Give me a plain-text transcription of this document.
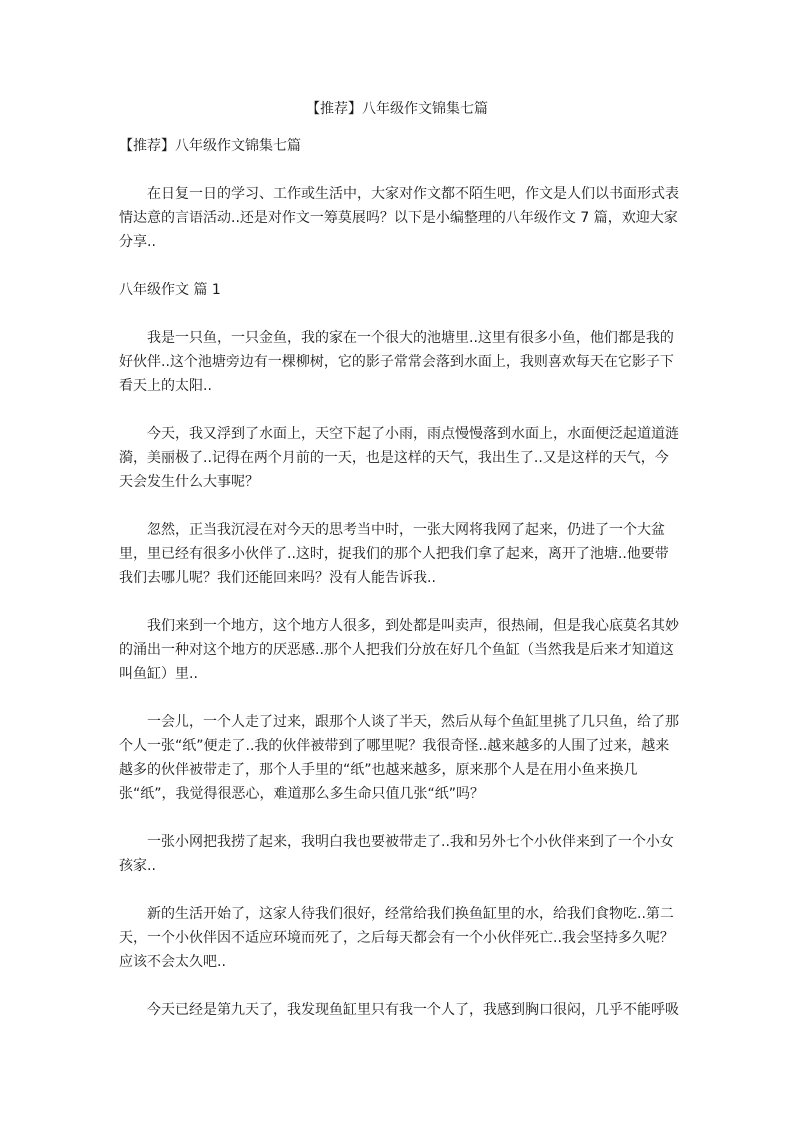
【推荐】八年级作文锦集七篇

【推荐】八年级作文锦集七篇

在日复一日的学习、工作或生活中，大家对作文都不陌生吧，作文是人们以书面形式表情达意的言语活动..还是对作文一筹莫展吗？以下是小编整理的八年级作文 7 篇，欢迎大家分享..

八年级作文 篇 1

我是一只鱼，一只金鱼，我的家在一个很大的池塘里..这里有很多小鱼，他们都是我的好伙伴..这个池塘旁边有一棵柳树，它的影子常常会落到水面上，我则喜欢每天在它影子下看天上的太阳..

今天，我又浮到了水面上，天空下起了小雨，雨点慢慢落到水面上，水面便泛起道道涟漪，美丽极了..记得在两个月前的一天，也是这样的天气，我出生了..又是这样的天气，今天会发生什么大事呢？

忽然，正当我沉浸在对今天的思考当中时，一张大网将我网了起来，仍进了一个大盆里，里已经有很多小伙伴了..这时，捉我们的那个人把我们拿了起来，离开了池塘..他要带我们去哪儿呢？我们还能回来吗？没有人能告诉我..

我们来到一个地方，这个地方人很多，到处都是叫卖声，很热闹，但是我心底莫名其妙的涌出一种对这个地方的厌恶感..那个人把我们分放在好几个鱼缸（当然我是后来才知道这叫鱼缸）里..

一会儿，一个人走了过来，跟那个人谈了半天，然后从每个鱼缸里挑了几只鱼，给了那个人一张“纸”便走了..我的伙伴被带到了哪里呢？我很奇怪..越来越多的人围了过来，越来越多的伙伴被带走了，那个人手里的“纸”也越来越多，原来那个人是在用小鱼来换几张“纸”，我觉得很恶心，难道那么多生命只值几张“纸”吗？

一张小网把我捞了起来，我明白我也要被带走了..我和另外七个小伙伴来到了一个小女孩家..

新的生活开始了，这家人待我们很好，经常给我们换鱼缸里的水，给我们食物吃..第二天，一个小伙伴因不适应环境而死了，之后每天都会有一个小伙伴死亡..我会坚持多久呢？应该不会太久吧..

今天已经是第九天了，我发现鱼缸里只有我一个人了，我感到胸口很闷，几乎不能呼吸
